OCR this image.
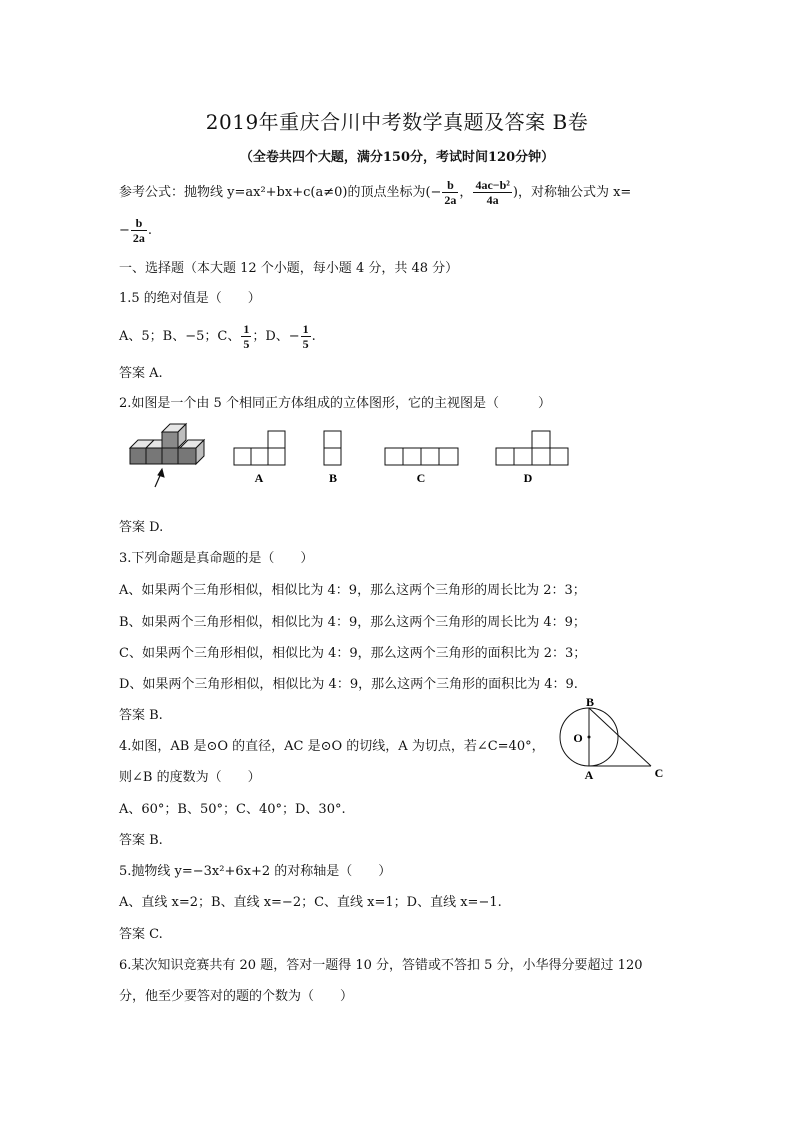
2019年重庆合川中考数学真题及答案 B卷
（全卷共四个大题，满分150分，考试时间120分钟）
参考公式：抛物线 y=ax²+bx+c(a≠0)的顶点坐标为(− $\frac{b}{2a}$ ， $\frac{\text{4ac−b²}}{4a}$ )，对称轴公式为 x=
− $\frac{b}{2a}$ .
一、选择题（本大题 12 个小题，每小题 4 分，共 48 分）
1.5 的绝对值是（　　）
A、5；B、−5；C、 $\frac{1}{5}$ ；D、− $\frac{1}{5}$ .
答案 A.
2.如图是一个由 5 个相同正方体组成的立体图形，它的主视图是（　　　）
A	B	C	D
B
O
A	C
答案 D.
3.下列命题是真命题的是（　　）
A、如果两个三角形相似，相似比为 4：9，那么这两个三角形的周长比为 2：3；
B、如果两个三角形相似，相似比为 4：9，那么这两个三角形的周长比为 4：9；
C、如果两个三角形相似，相似比为 4：9，那么这两个三角形的面积比为 2：3；
D、如果两个三角形相似，相似比为 4：9，那么这两个三角形的面积比为 4：9.
答案 B.
4.如图，AB 是⊙O 的直径，AC 是⊙O 的切线，A 为切点，若∠C=40°，
则∠B 的度数为（　　）
A、60°；B、50°；C、40°；D、30°.
答案 B.
5.抛物线 y=−3x²+6x+2 的对称轴是（　　）
A、直线 x=2；B、直线 x=−2；C、直线 x=1；D、直线 x=−1.
答案 C.
6.某次知识竞赛共有 20 题，答对一题得 10 分，答错或不答扣 5 分，小华得分要超过 120
分，他至少要答对的题的个数为（　　）
